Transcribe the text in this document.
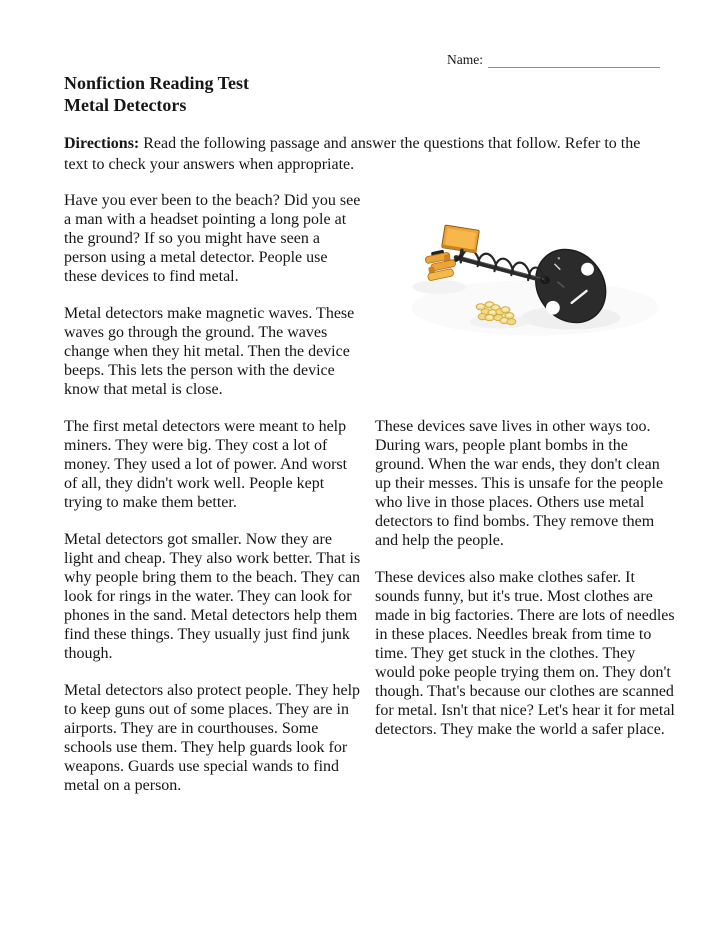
Name:
Nonfiction Reading Test
Metal Detectors

Directions: Read the following passage and answer the questions that follow. Refer to the text to check your answers when appropriate.

Have you ever been to the beach? Did you see a man with a headset pointing a long pole at the ground? If so you might have seen a person using a metal detector. People use these devices to find metal.

Metal detectors make magnetic waves. These waves go through the ground. The waves change when they hit metal. Then the device beeps. This lets the person with the device know that metal is close.

The first metal detectors were meant to help miners. They were big. They cost a lot of money. They used a lot of power. And worst of all, they didn't work well. People kept trying to make them better.

Metal detectors got smaller. Now they are light and cheap. They also work better. That is why people bring them to the beach. They can look for rings in the water. They can look for phones in the sand. Metal detectors help them find these things. They usually just find junk though.

Metal detectors also protect people. They help to keep guns out of some places. They are in airports. They are in courthouses. Some schools use them. They help guards look for weapons. Guards use special wands to find metal on a person.

These devices save lives in other ways too. During wars, people plant bombs in the ground. When the war ends, they don't clean up their messes. This is unsafe for the people who live in those places. Others use metal detectors to find bombs. They remove them and help the people.

These devices also make clothes safer. It sounds funny, but it's true. Most clothes are made in big factories. There are lots of needles in these places. Needles break from time to time. They get stuck in the clothes. They would poke people trying them on. They don't though. That's because our clothes are scanned for metal. Isn't that nice? Let's hear it for metal detectors. They make the world a safer place.
